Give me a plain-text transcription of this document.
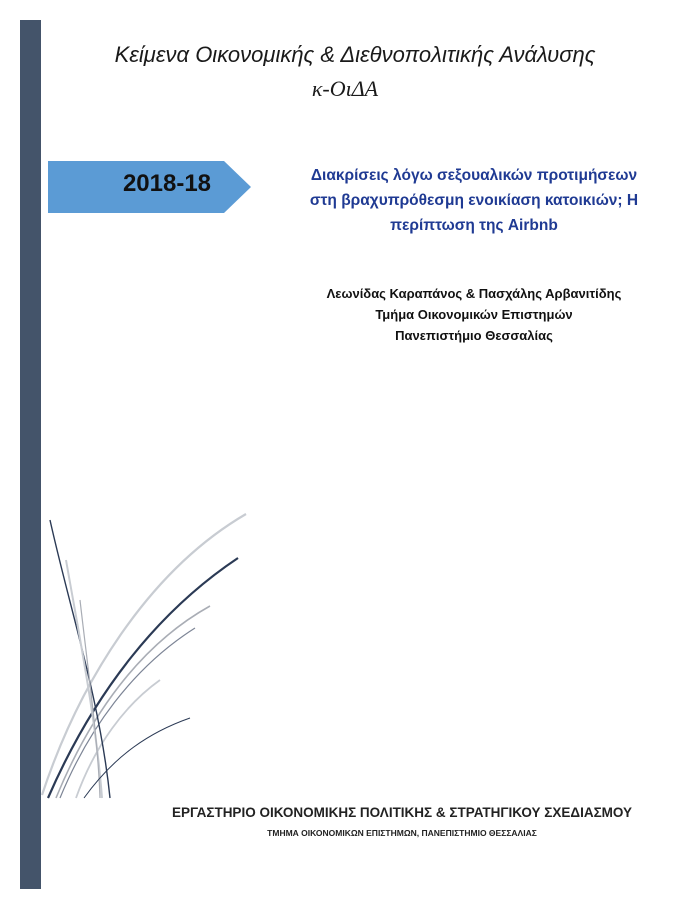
Κείμενα Οικονομικής & Διεθνοπολιτικής Ανάλυσης
κ-ΟιΔΑ
2018-18	Διακρίσεις λόγω σεξουαλικών προτιμήσεων
στη βραχυπρόθεσμη ενοικίαση κατοικιών; Η
περίπτωση της Airbnb
Λεωνίδας Καραπάνος & Πασχάλης Αρβανιτίδης
Τμήμα Οικονομικών Επιστημών
Πανεπιστήμιο Θεσσαλίας
ΕΡΓΑΣΤΗΡΙΟ ΟΙΚΟΝΟΜΙΚΗΣ ΠΟΛΙΤΙΚΗΣ & ΣΤΡΑΤΗΓΙΚΟΥ ΣΧΕΔΙΑΣΜΟΥ
ΤΜΗΜΑ ΟΙΚΟΝΟΜΙΚΩΝ ΕΠΙΣΤΗΜΩΝ, ΠΑΝΕΠΙΣΤΗΜΙΟ ΘΕΣΣΑΛΙΑΣ
